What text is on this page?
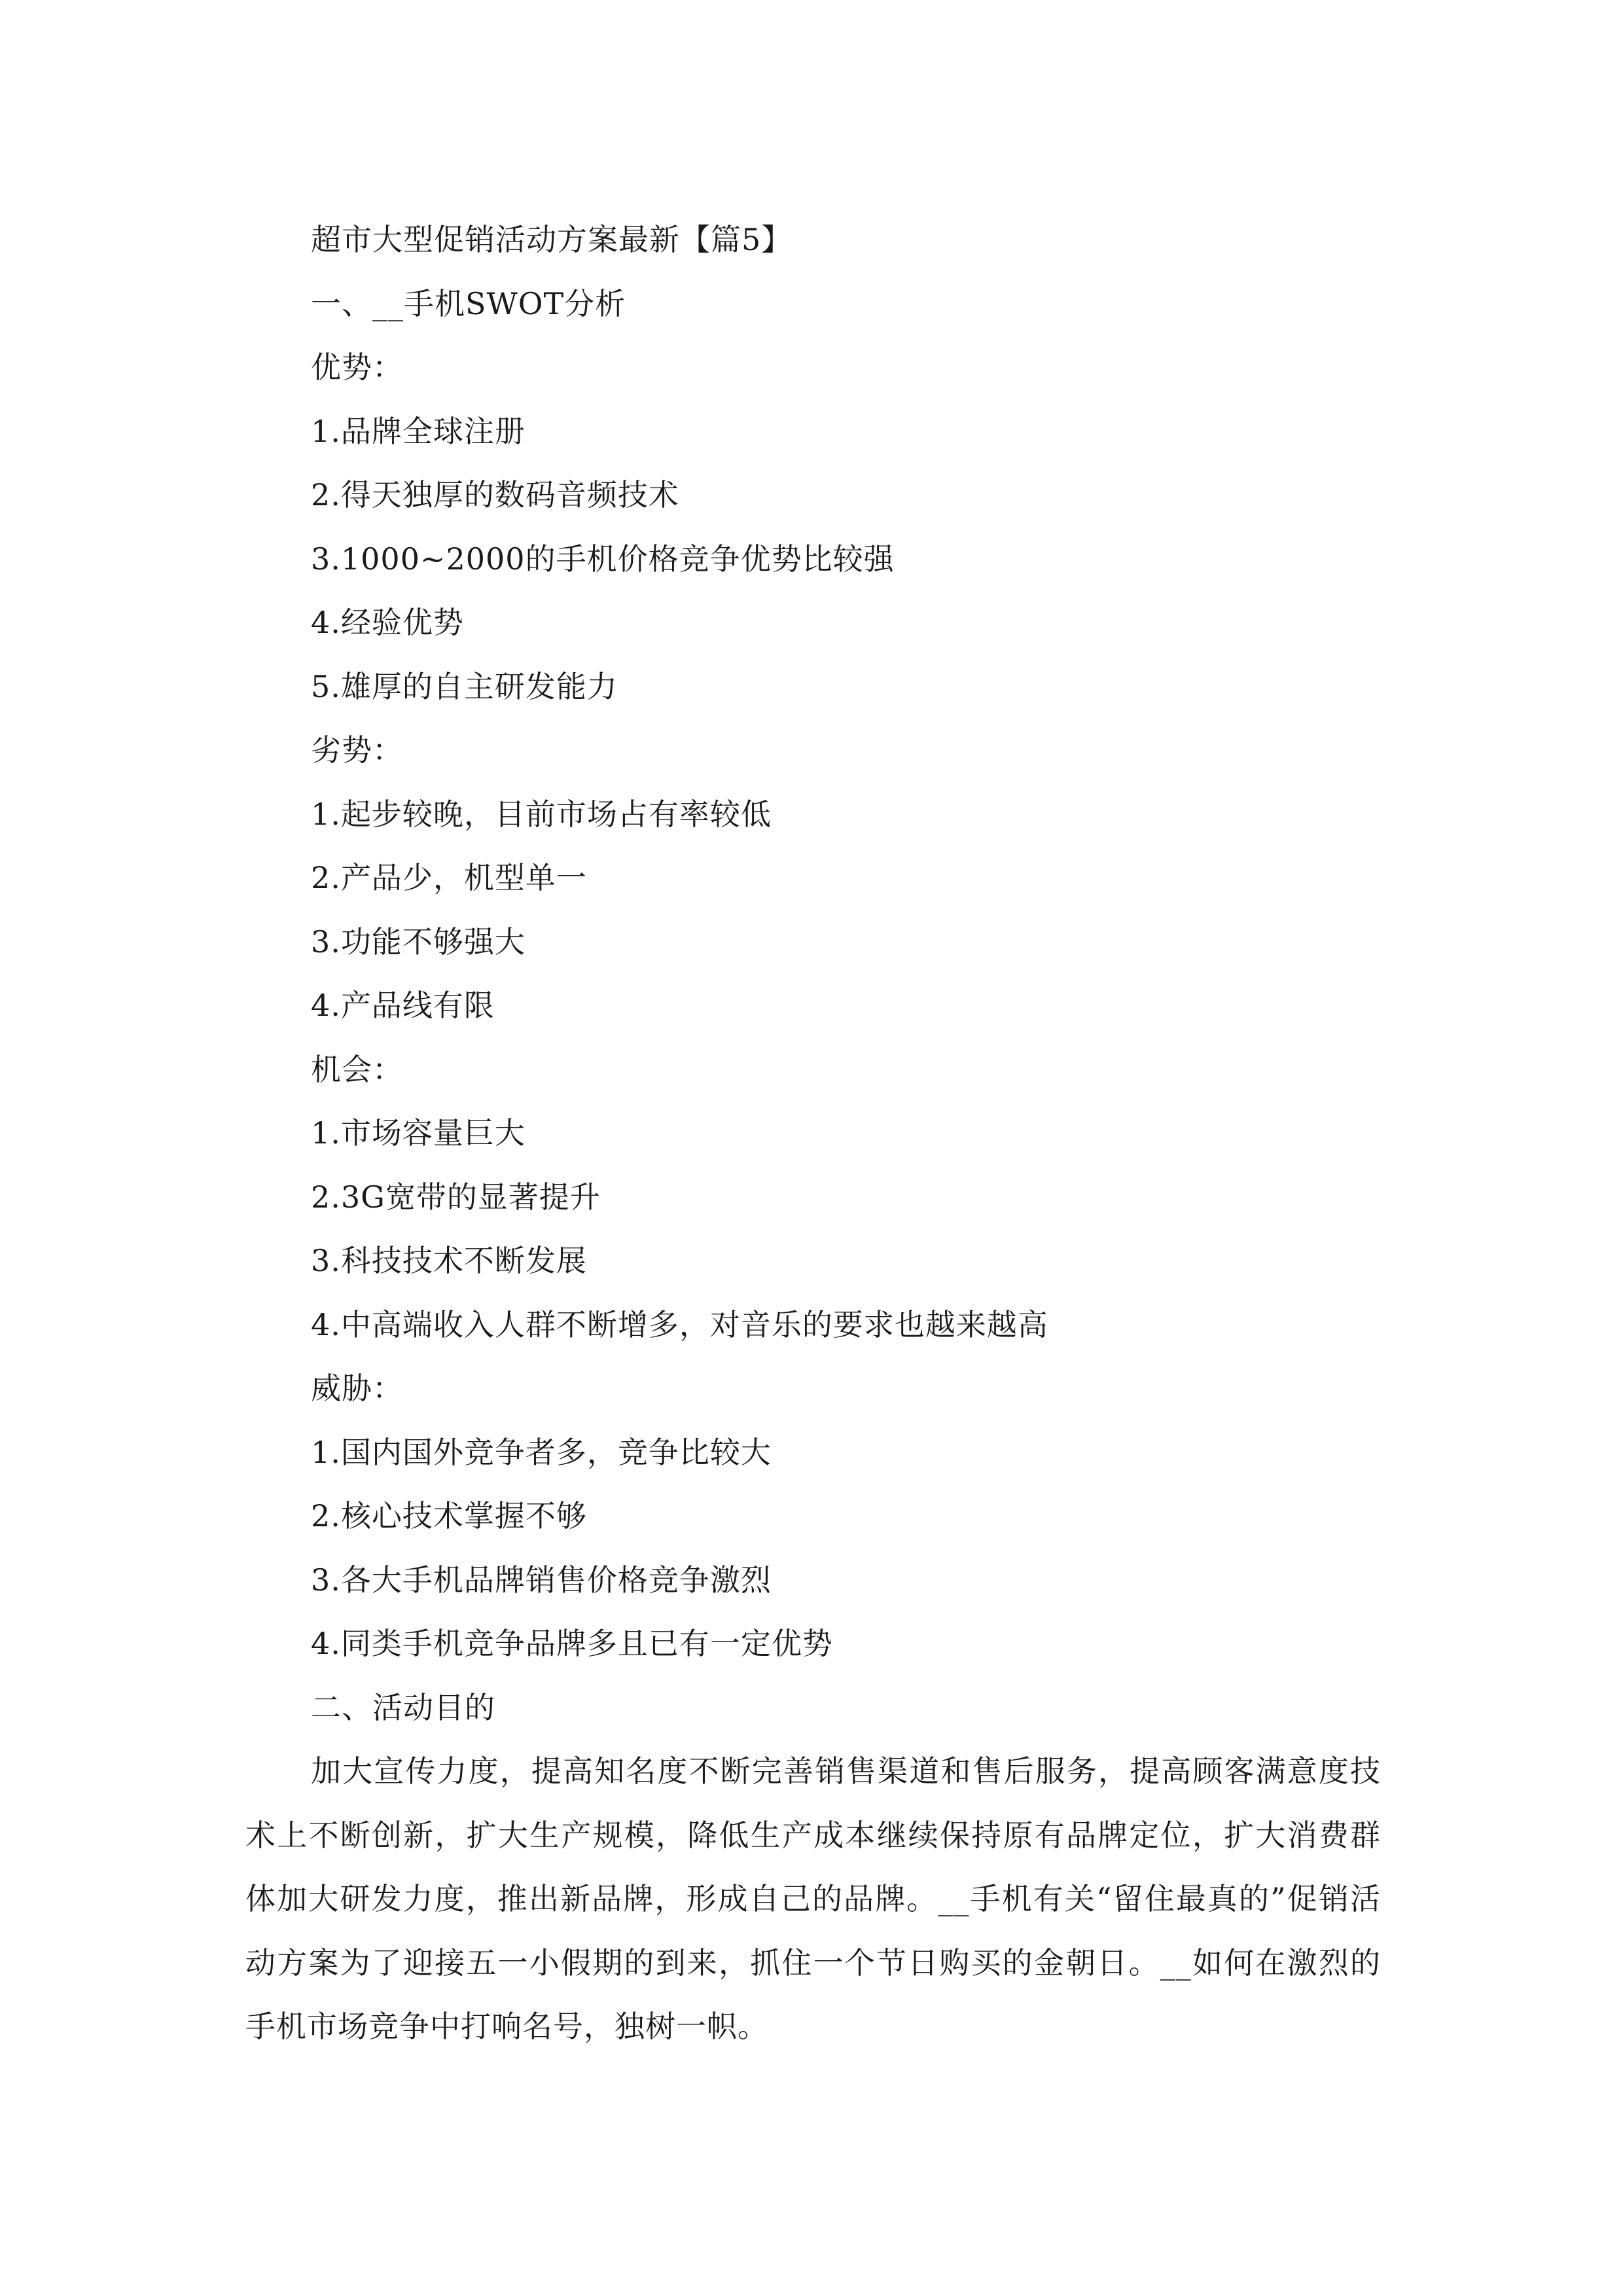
超市大型促销活动方案最新【篇5】
一、__手机SWOT分析
优势：
1.品牌全球注册
2.得天独厚的数码音频技术
3.1000~2000的手机价格竞争优势比较强
4.经验优势
5.雄厚的自主研发能力
劣势：
1.起步较晚，目前市场占有率较低
2.产品少，机型单一
3.功能不够强大
4.产品线有限
机会：
1.市场容量巨大
2.3G宽带的显著提升
3.科技技术不断发展
4.中高端收入人群不断增多，对音乐的要求也越来越高
威胁：
1.国内国外竞争者多，竞争比较大
2.核心技术掌握不够
3.各大手机品牌销售价格竞争激烈
4.同类手机竞争品牌多且已有一定优势
二、活动目的

加大宣传力度，提高知名度不断完善销售渠道和售后服务，提高顾客满意度技术上不断创新，扩大生产规模，降低生产成本继续保持原有品牌定位，扩大消费群体加大研发力度，推出新品牌，形成自己的品牌。__手机有关“留住最真的”促销活动方案为了迎接五一小假期的到来，抓住一个节日购买的金朝日。__如何在激烈的手机市场竞争中打响名号，独树一帜。
